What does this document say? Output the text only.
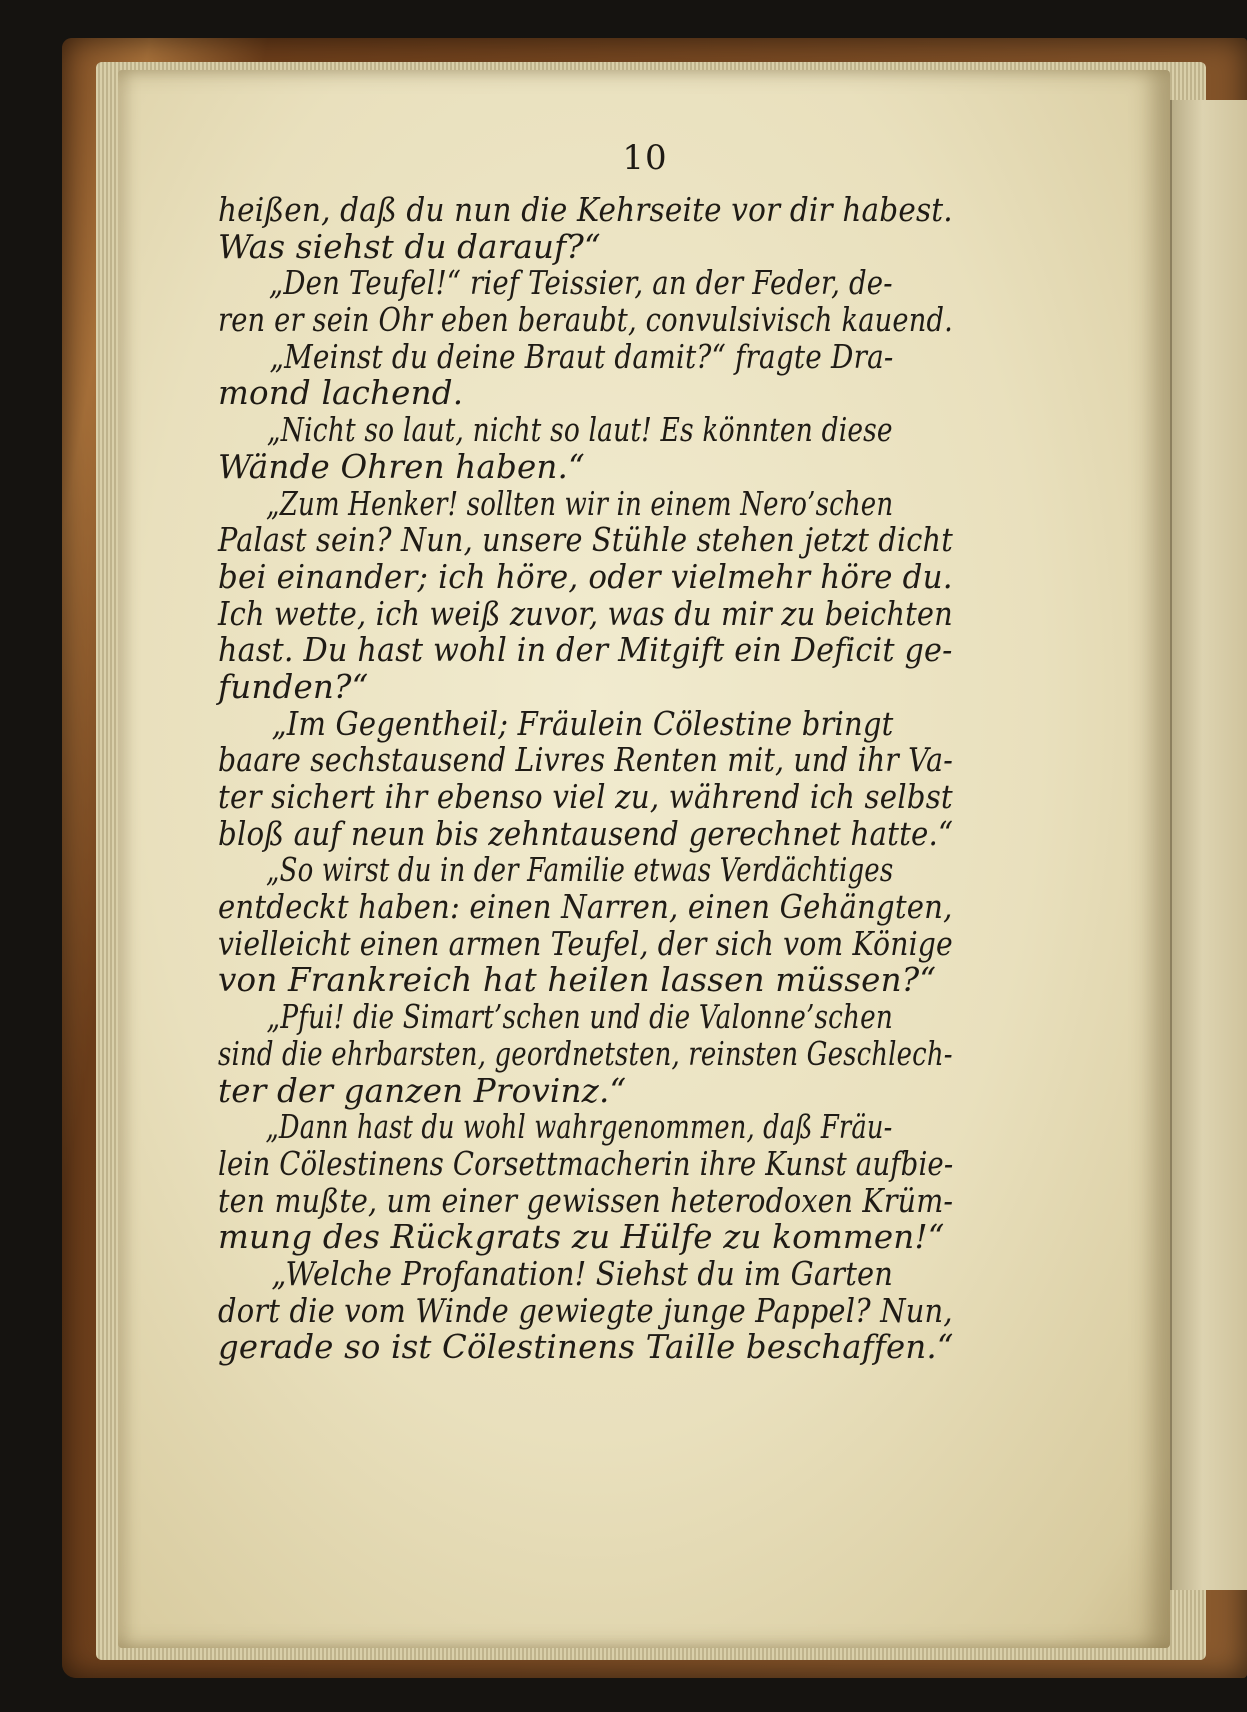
10
heißen, daß du nun die Kehrseite vor dir habest.
Was siehst du darauf?“
„Den Teufel!“ rief Teissier, an der Feder, de-
ren er sein Ohr eben beraubt, convulsivisch kauend.
„Meinst du deine Braut damit?“ fragte Dra-
mond lachend.
„Nicht so laut, nicht so laut! Es könnten diese
Wände Ohren haben.“
„Zum Henker! sollten wir in einem Nero’schen
Palast sein? Nun, unsere Stühle stehen jetzt dicht
bei einander; ich höre, oder vielmehr höre du.
Ich wette, ich weiß zuvor, was du mir zu beichten
hast. Du hast wohl in der Mitgift ein Deficit ge-
funden?“
„Im Gegentheil; Fräulein Cölestine bringt
baare sechstausend Livres Renten mit, und ihr Va-
ter sichert ihr ebenso viel zu, während ich selbst
bloß auf neun bis zehntausend gerechnet hatte.“
„So wirst du in der Familie etwas Verdächtiges
entdeckt haben: einen Narren, einen Gehängten,
vielleicht einen armen Teufel, der sich vom Könige
von Frankreich hat heilen lassen müssen?“
„Pfui! die Simart’schen und die Valonne’schen
sind die ehrbarsten, geordnetsten, reinsten Geschlech-
ter der ganzen Provinz.“
„Dann hast du wohl wahrgenommen, daß Fräu-
lein Cölestinens Corsettmacherin ihre Kunst aufbie-
ten mußte, um einer gewissen heterodoxen Krüm-
mung des Rückgrats zu Hülfe zu kommen!“
„Welche Profanation! Siehst du im Garten
dort die vom Winde gewiegte junge Pappel? Nun,
gerade so ist Cölestinens Taille beschaffen.“
